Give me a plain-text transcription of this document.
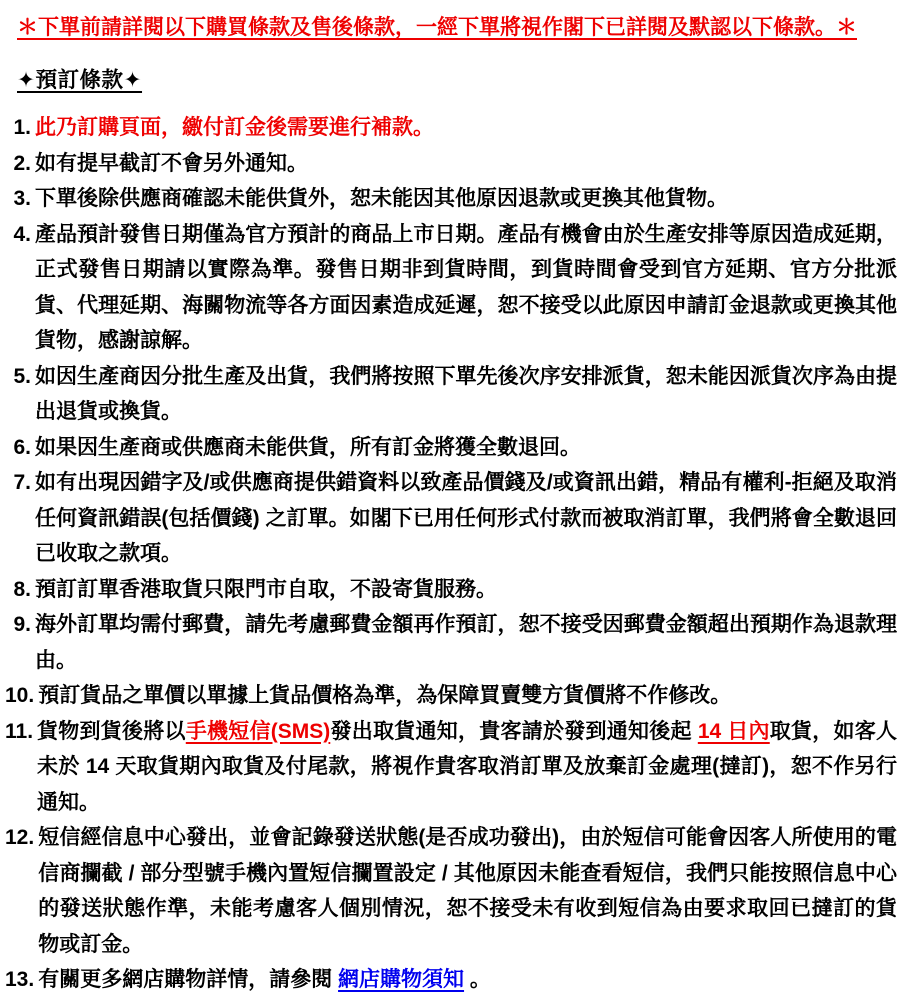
＊下單前請詳閱以下購買條款及售後條款，一經下單將視作閣下已詳閱及默認以下條款。＊

✦預訂條款✦
1. 此乃訂購頁面，繳付訂金後需要進行補款。
2. 如有提早截訂不會另外通知。
3. 下單後除供應商確認未能供貨外，恕未能因其他原因退款或更換其他貨物。
4. 產品預計發售日期僅為官方預計的商品上市日期。產品有機會由於生產安排等原因造成延期，正式發售日期請以實際為準。發售日期非到貨時間，到貨時間會受到官方延期、官方分批派貨、代理延期、海關物流等各方面因素造成延遲，恕不接受以此原因申請訂金退款或更換其他貨物，感謝諒解。
5. 如因生產商因分批生產及出貨，我們將按照下單先後次序安排派貨，恕未能因派貨次序為由提出退貨或換貨。
6. 如果因生產商或供應商未能供貨，所有訂金將獲全數退回。
7. 如有出現因錯字及/或供應商提供錯資料以致產品價錢及/或資訊出錯，精品有權利-拒絕及取消任何資訊錯誤(包括價錢) 之訂單。如閣下已用任何形式付款而被取消訂單，我們將會全數退回已收取之款項。
8. 預訂訂單香港取貨只限門市自取，不設寄貨服務。
9. 海外訂單均需付郵費，請先考慮郵費金額再作預訂，恕不接受因郵費金額超出預期作為退款理由。
10. 預訂貨品之單價以單據上貨品價格為準，為保障買賣雙方貨價將不作修改。
11. 貨物到貨後將以手機短信(SMS)發出取貨通知，貴客請於發到通知後起 14 日內取貨，如客人未於 14 天取貨期內取貨及付尾款，將視作貴客取消訂單及放棄訂金處理(撻訂)，恕不作另行通知。
12. 短信經信息中心發出，並會記錄發送狀態(是否成功發出)，由於短信可能會因客人所使用的電信商攔截 / 部分型號手機內置短信攔置設定 / 其他原因未能查看短信，我們只能按照信息中心的發送狀態作準，未能考慮客人個別情況，恕不接受未有收到短信為由要求取回已撻訂的貨物或訂金。
13. 有關更多網店購物詳情，請參閱 網店購物須知 。
